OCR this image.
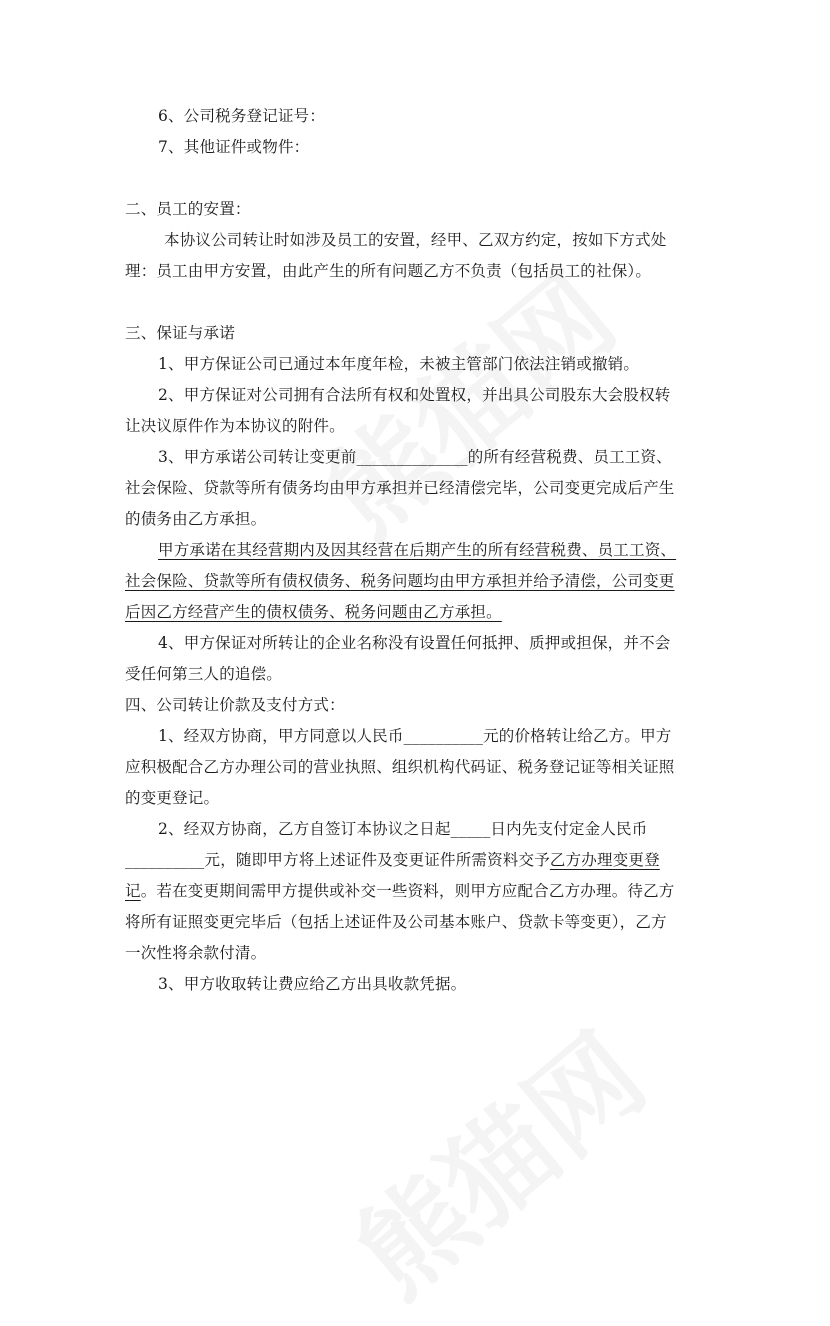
6、公司税务登记证号：
7、其他证件或物件：
二、员工的安置：
本协议公司转让时如涉及员工的安置，经甲、乙双方约定，按如下方式处
理：员工由甲方安置，由此产生的所有问题乙方不负责（包括员工的社保）。
三、保证与承诺
1、甲方保证公司已通过本年度年检，未被主管部门依法注销或撤销。
2、甲方保证对公司拥有合法所有权和处置权，并出具公司股东大会股权转
让决议原件作为本协议的附件。
3、甲方承诺公司转让变更前______________的所有经营税费、员工工资、
社会保险、贷款等所有债务均由甲方承担并已经清偿完毕，公司变更完成后产生
的债务由乙方承担。
甲方承诺在其经营期内及因其经营在后期产生的所有经营税费、员工工资、
社会保险、贷款等所有债权债务、税务问题均由甲方承担并给予清偿，公司变更
后因乙方经营产生的债权债务、税务问题由乙方承担。
4、甲方保证对所转让的企业名称没有设置任何抵押、质押或担保，并不会
受任何第三人的追偿。
四、公司转让价款及支付方式：
1、经双方协商，甲方同意以人民币__________元的价格转让给乙方。甲方
应积极配合乙方办理公司的营业执照、组织机构代码证、税务登记证等相关证照
的变更登记。
2、经双方协商，乙方自签订本协议之日起_____日内先支付定金人民币
__________元，随即甲方将上述证件及变更证件所需资料交予乙方办理变更登
记。若在变更期间需甲方提供或补交一些资料，则甲方应配合乙方办理。待乙方
将所有证照变更完毕后（包括上述证件及公司基本账户、贷款卡等变更），乙方
一次性将余款付清。
3、甲方收取转让费应给乙方出具收款凭据。
